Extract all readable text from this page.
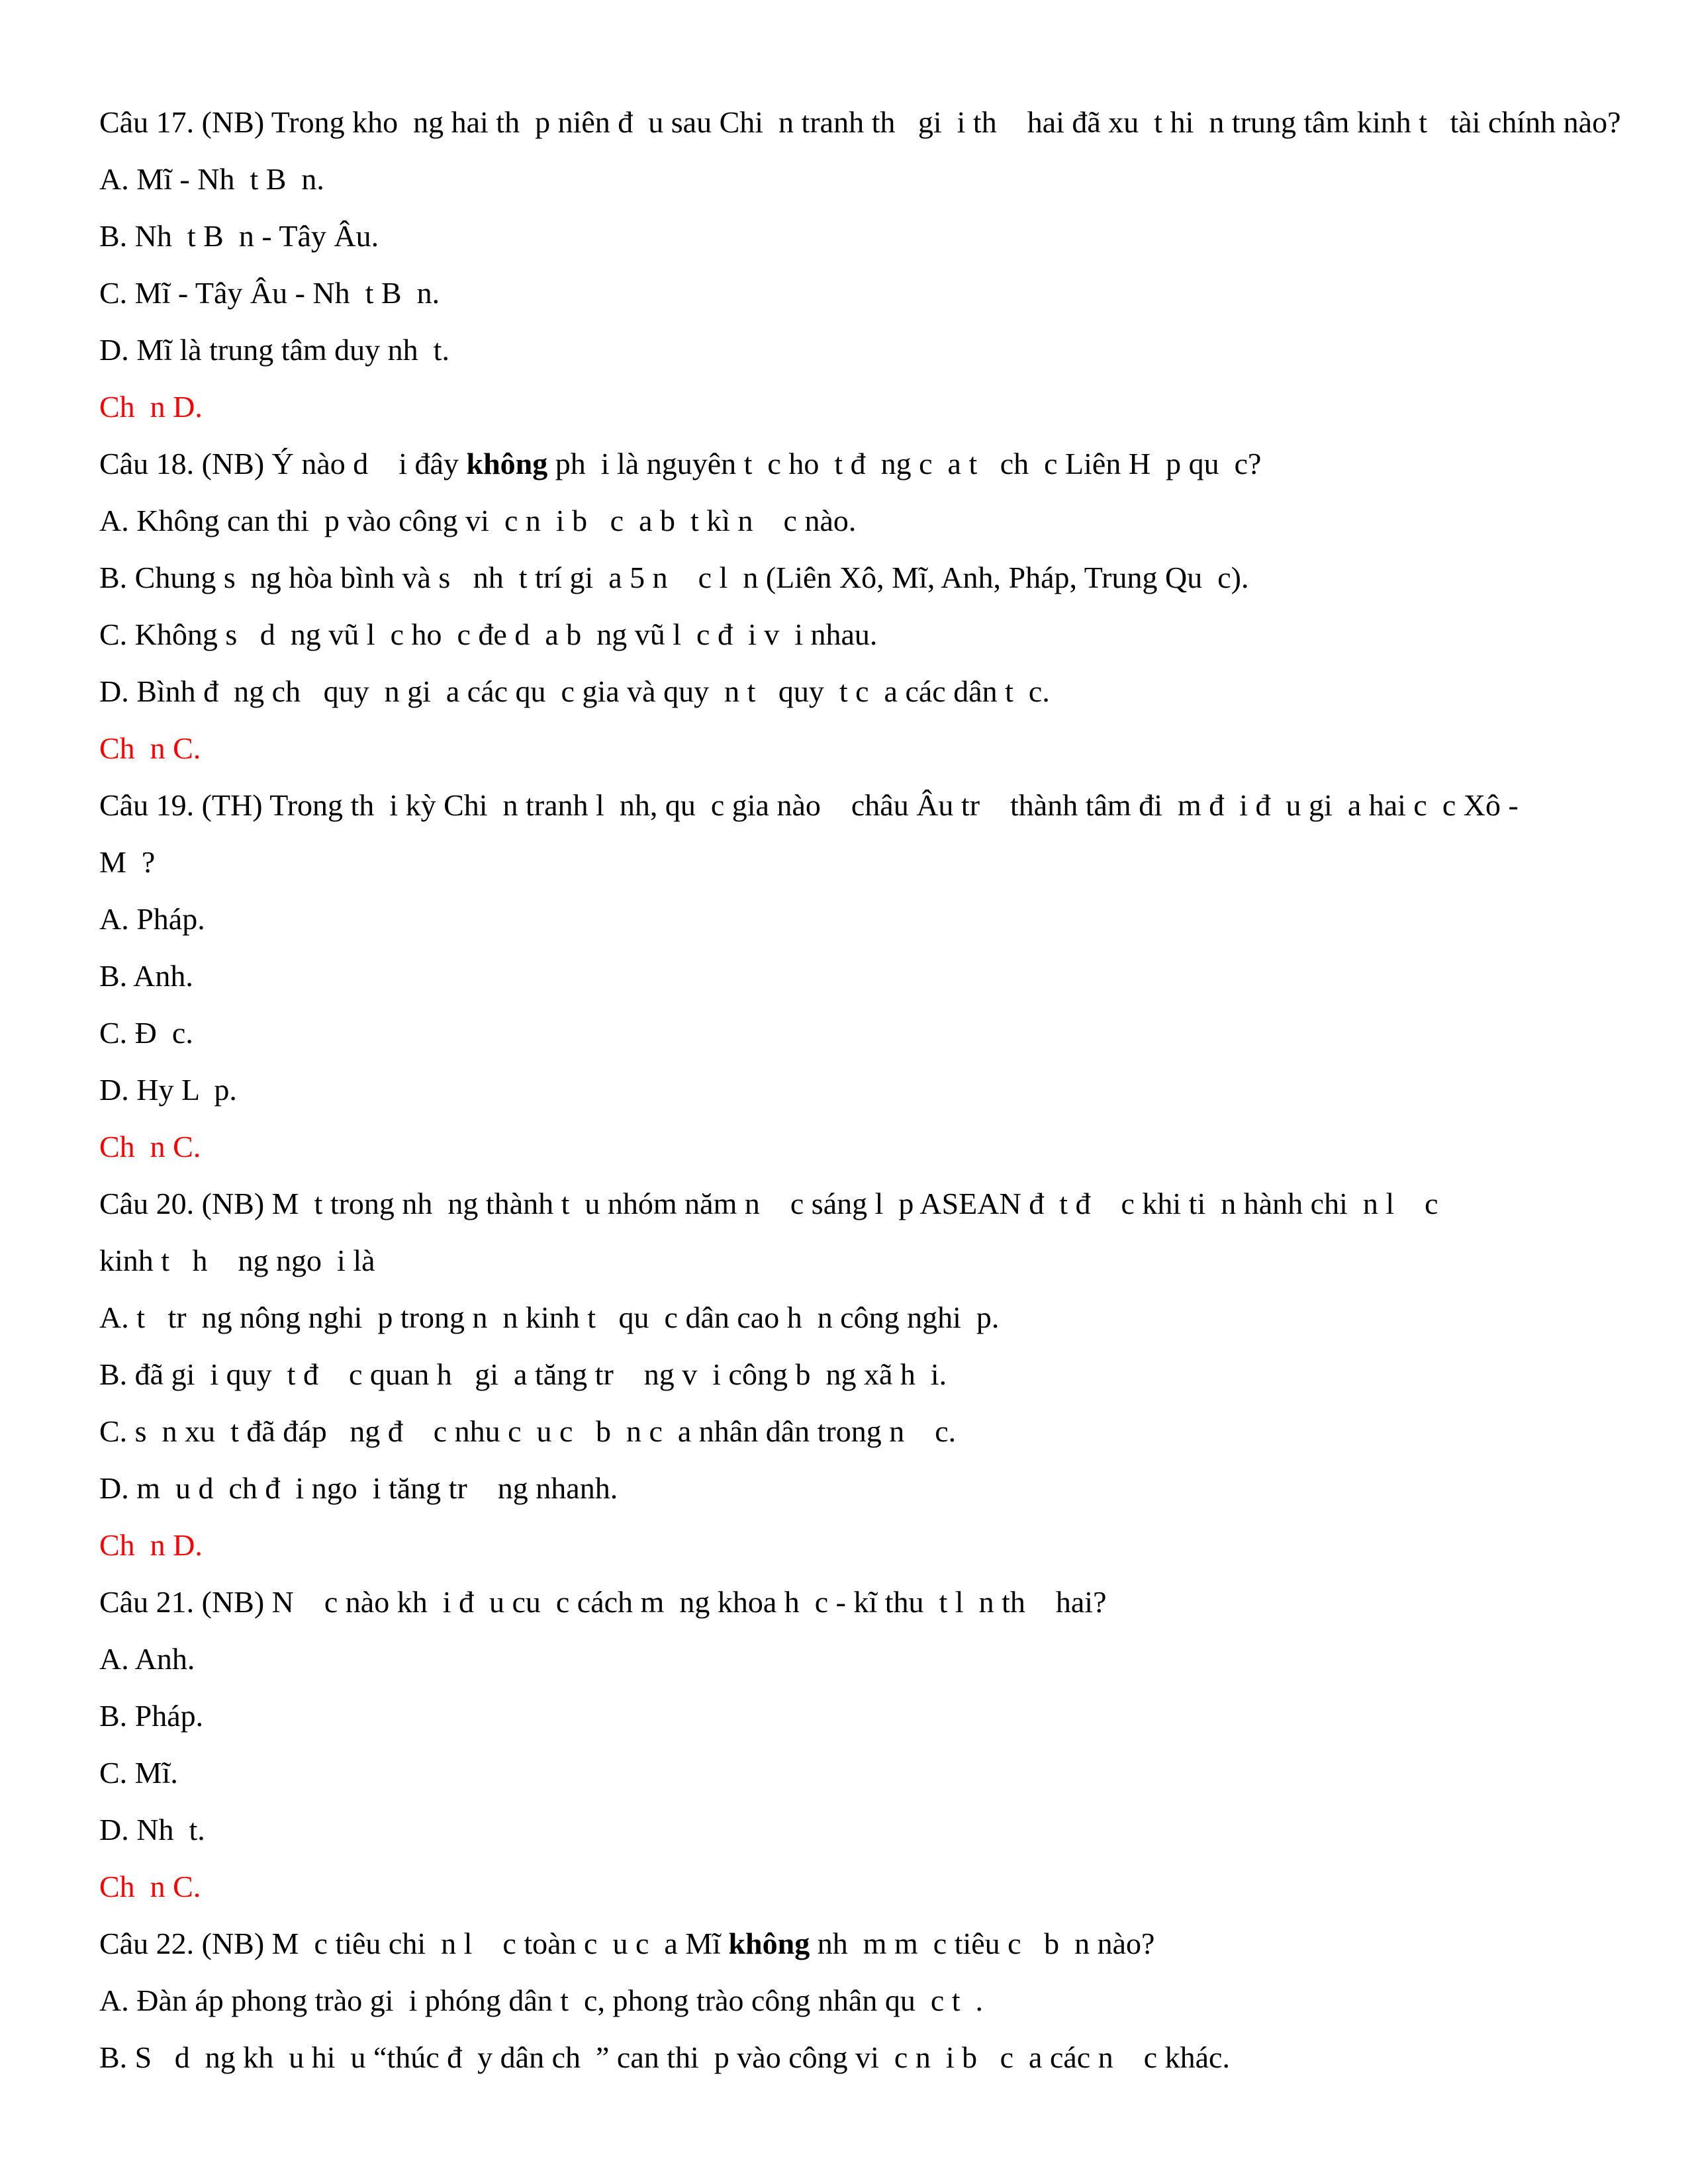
Câu 17. (NB) Trong kho  ng hai th  p niên đ  u sau Chi  n tranh th   gi  i th    hai đã xu  t hi  n trung tâm kinh t   tài chính nào?

A. Mĩ - Nh  t B  n.

B. Nh  t B  n - Tây Âu.

C. Mĩ - Tây Âu - Nh  t B  n.

D. Mĩ là trung tâm duy nh  t.

Ch  n D.

Câu 18. (NB) Ý nào d    i đây không ph  i là nguyên t  c ho  t đ  ng c  a t   ch  c Liên H  p qu  c?

A. Không can thi  p vào công vi  c n  i b   c  a b  t kì n    c nào.

B. Chung s  ng hòa bình và s   nh  t trí gi  a 5 n    c l  n (Liên Xô, Mĩ, Anh, Pháp, Trung Qu  c).

C. Không s   d  ng vũ l  c ho  c đe d  a b  ng vũ l  c đ  i v  i nhau.

D. Bình đ  ng ch   quy  n gi  a các qu  c gia và quy  n t   quy  t c  a các dân t  c.

Ch  n C.

Câu 19. (TH) Trong th  i kỳ Chi  n tranh l  nh, qu  c gia nào    châu Âu tr    thành tâm đi  m đ  i đ  u gi  a hai c  c Xô -

M  ?

A. Pháp.

B. Anh.

C. Đ  c.

D. Hy L  p.

Ch  n C.

Câu 20. (NB) M  t trong nh  ng thành t  u nhóm năm n    c sáng l  p ASEAN đ  t đ    c khi ti  n hành chi  n l    c

kinh t   h    ng ngo  i là

A. t   tr  ng nông nghi  p trong n  n kinh t   qu  c dân cao h  n công nghi  p.

B. đã gi  i quy  t đ    c quan h   gi  a tăng tr    ng v  i công b  ng xã h  i.

C. s  n xu  t đã đáp   ng đ    c nhu c  u c   b  n c  a nhân dân trong n    c.

D. m  u d  ch đ  i ngo  i tăng tr    ng nhanh.

Ch  n D.

Câu 21. (NB) N    c nào kh  i đ  u cu  c cách m  ng khoa h  c - kĩ thu  t l  n th    hai?

A. Anh.

B. Pháp.

C. Mĩ.

D. Nh  t.

Ch  n C.

Câu 22. (NB) M  c tiêu chi  n l    c toàn c  u c  a Mĩ không nh  m m  c tiêu c   b  n nào?

A. Đàn áp phong trào gi  i phóng dân t  c, phong trào công nhân qu  c t  .

B. S   d  ng kh  u hi  u “thúc đ  y dân ch  ” can thi  p vào công vi  c n  i b   c  a các n    c khác.
